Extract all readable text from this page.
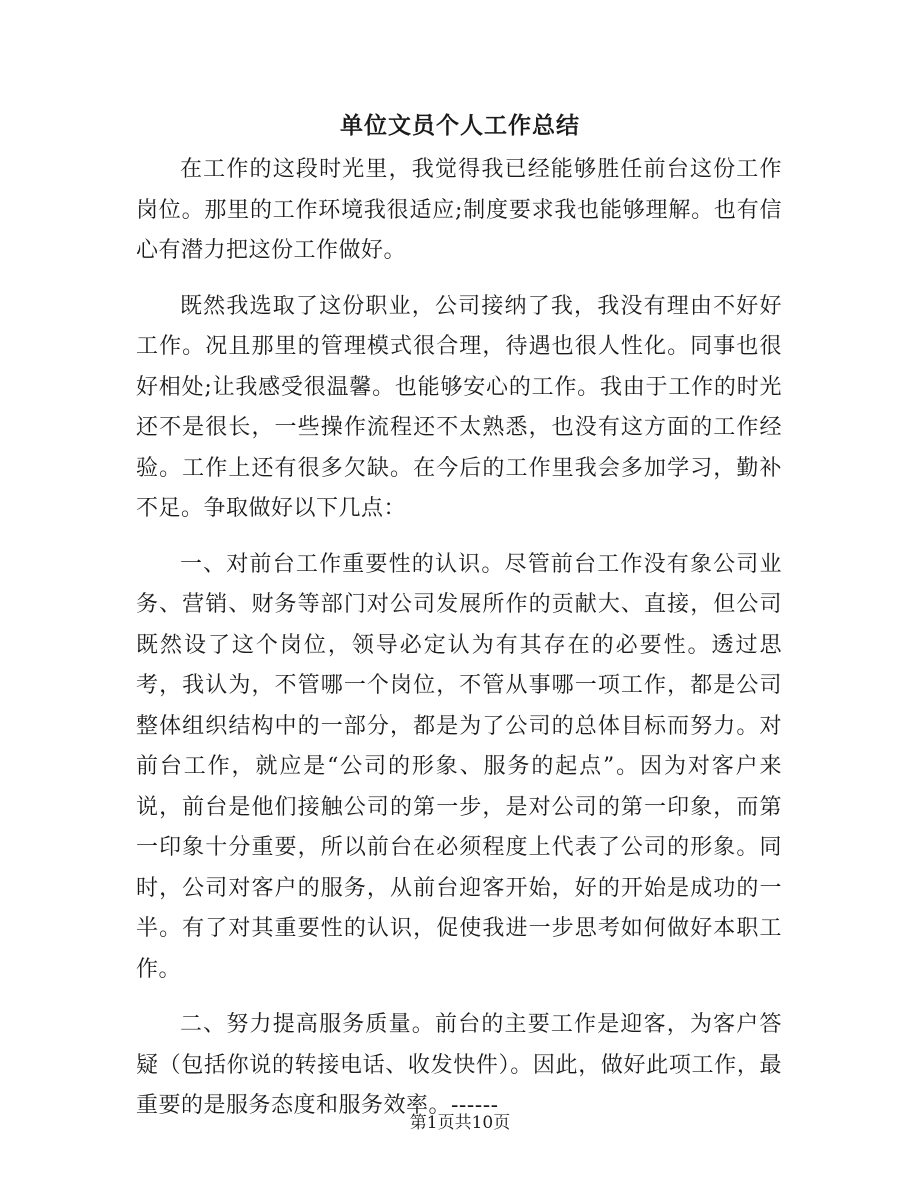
单位文员个人工作总结

在工作的这段时光里，我觉得我已经能够胜任前台这份工作岗位。那里的工作环境我很适应;制度要求我也能够理解。也有信心有潜力把这份工作做好。

既然我选取了这份职业，公司接纳了我，我没有理由不好好工作。况且那里的管理模式很合理，待遇也很人性化。同事也很好相处;让我感受很温馨。也能够安心的工作。我由于工作的时光还不是很长，一些操作流程还不太熟悉，也没有这方面的工作经验。工作上还有很多欠缺。在今后的工作里我会多加学习，勤补不足。争取做好以下几点：

一、对前台工作重要性的认识。尽管前台工作没有象公司业务、营销、财务等部门对公司发展所作的贡献大、直接，但公司既然设了这个岗位，领导必定认为有其存在的必要性。透过思考，我认为，不管哪一个岗位，不管从事哪一项工作，都是公司整体组织结构中的一部分，都是为了公司的总体目标而努力。对前台工作，就应是“公司的形象、服务的起点”。因为对客户来说，前台是他们接触公司的第一步，是对公司的第一印象，而第一印象十分重要，所以前台在必须程度上代表了公司的形象。同时，公司对客户的服务，从前台迎客开始，好的开始是成功的一半。有了对其重要性的认识，促使我进一步思考如何做好本职工作。

二、努力提高服务质量。前台的主要工作是迎客，为客户答疑（包括你说的转接电话、收发快件）。因此，做好此项工作，最重要的是服务态度和服务效率。------

第1页共10页
